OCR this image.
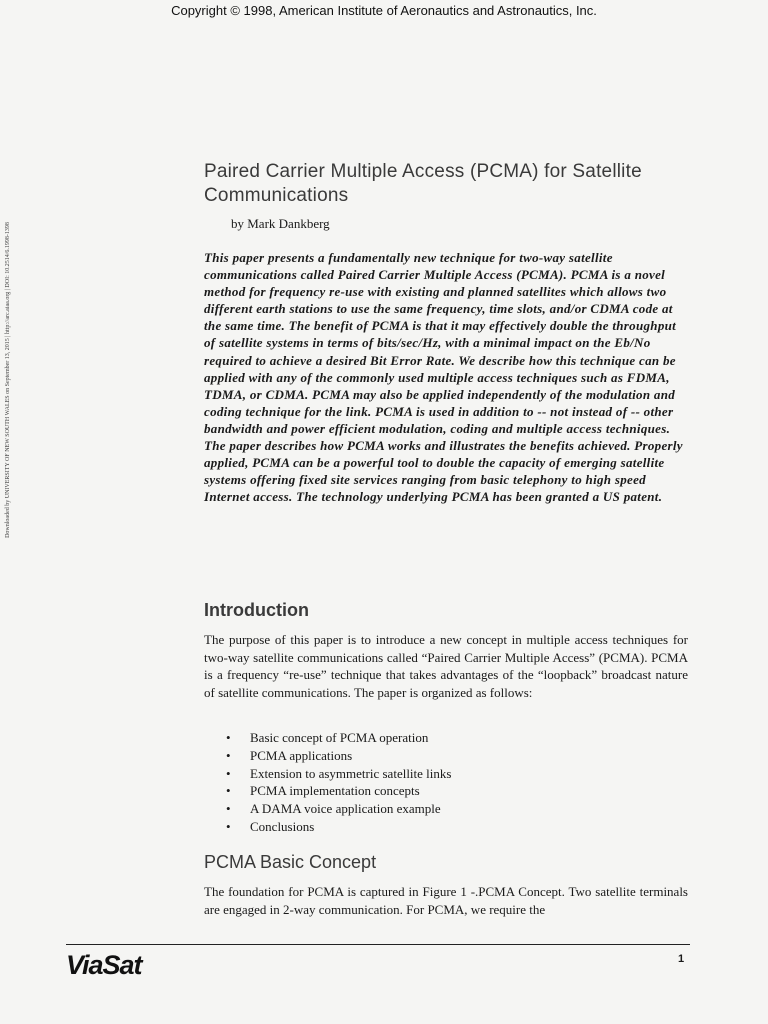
Copyright © 1998, American Institute of Aeronautics and Astronautics, Inc.
Downloaded by UNIVERSITY OF NEW SOUTH WALES on September 13, 2015 | http://arc.aiaa.org | DOI: 10.2514/6.1998-1398
Paired Carrier Multiple Access (PCMA) for Satellite Communications
by Mark Dankberg
This paper presents a fundamentally new technique for two-way satellite communications called Paired Carrier Multiple Access (PCMA). PCMA is a novel method for frequency re-use with existing and planned satellites which allows two different earth stations to use the same frequency, time slots, and/or CDMA code at the same time. The benefit of PCMA is that it may effectively double the throughput of satellite systems in terms of bits/sec/Hz, with a minimal impact on the Eb/No required to achieve a desired Bit Error Rate. We describe how this technique can be applied with any of the commonly used multiple access techniques such as FDMA, TDMA, or CDMA. PCMA may also be applied independently of the modulation and coding technique for the link. PCMA is used in addition to -- not instead of -- other bandwidth and power efficient modulation, coding and multiple access techniques. The paper describes how PCMA works and illustrates the benefits achieved. Properly applied, PCMA can be a powerful tool to double the capacity of emerging satellite systems offering fixed site services ranging from basic telephony to high speed Internet access. The technology underlying PCMA has been granted a US patent.
Introduction
The purpose of this paper is to introduce a new concept in multiple access techniques for two-way satellite communications called “Paired Carrier Multiple Access” (PCMA). PCMA is a frequency “re-use” technique that takes advantages of the “loopback” broadcast nature of satellite communications. The paper is organized as follows:
• Basic concept of PCMA operation
• PCMA applications
• Extension to asymmetric satellite links
• PCMA implementation concepts
• A DAMA voice application example
• Conclusions
PCMA Basic Concept
The foundation for PCMA is captured in Figure 1 -.PCMA Concept. Two satellite terminals are engaged in 2-way communication. For PCMA, we require the
ViaSat	1
